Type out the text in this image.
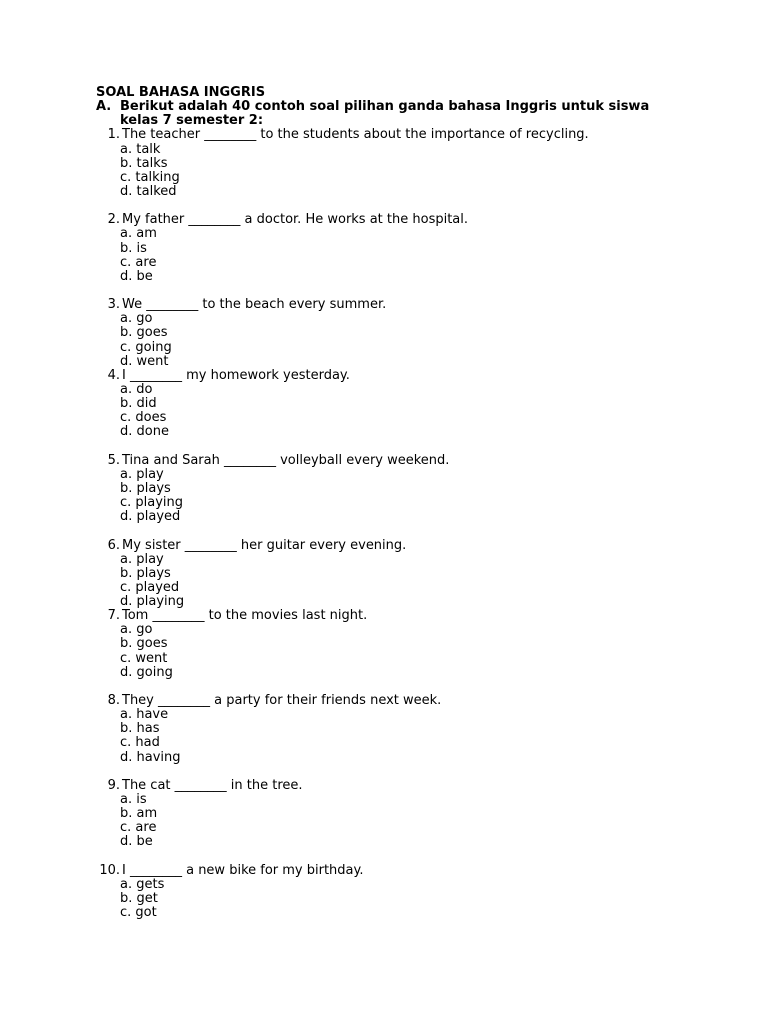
SOAL BAHASA INGGRIS
A. Berikut adalah 40 contoh soal pilihan ganda bahasa Inggris untuk siswa
kelas 7 semester 2:
1. The teacher ________ to the students about the importance of recycling.
a. talk
b. talks
c. talking
d. talked
2. My father ________ a doctor. He works at the hospital.
a. am
b. is
c. are
d. be
3. We ________ to the beach every summer.
a. go
b. goes
c. going
d. went
4. I ________ my homework yesterday.
a. do
b. did
c. does
d. done
5. Tina and Sarah ________ volleyball every weekend.
a. play
b. plays
c. playing
d. played
6. My sister ________ her guitar every evening.
a. play
b. plays
c. played
d. playing
7. Tom ________ to the movies last night.
a. go
b. goes
c. went
d. going
8. They ________ a party for their friends next week.
a. have
b. has
c. had
d. having
9. The cat ________ in the tree.
a. is
b. am
c. are
d. be
10. I ________ a new bike for my birthday.
a. gets
b. get
c. got
